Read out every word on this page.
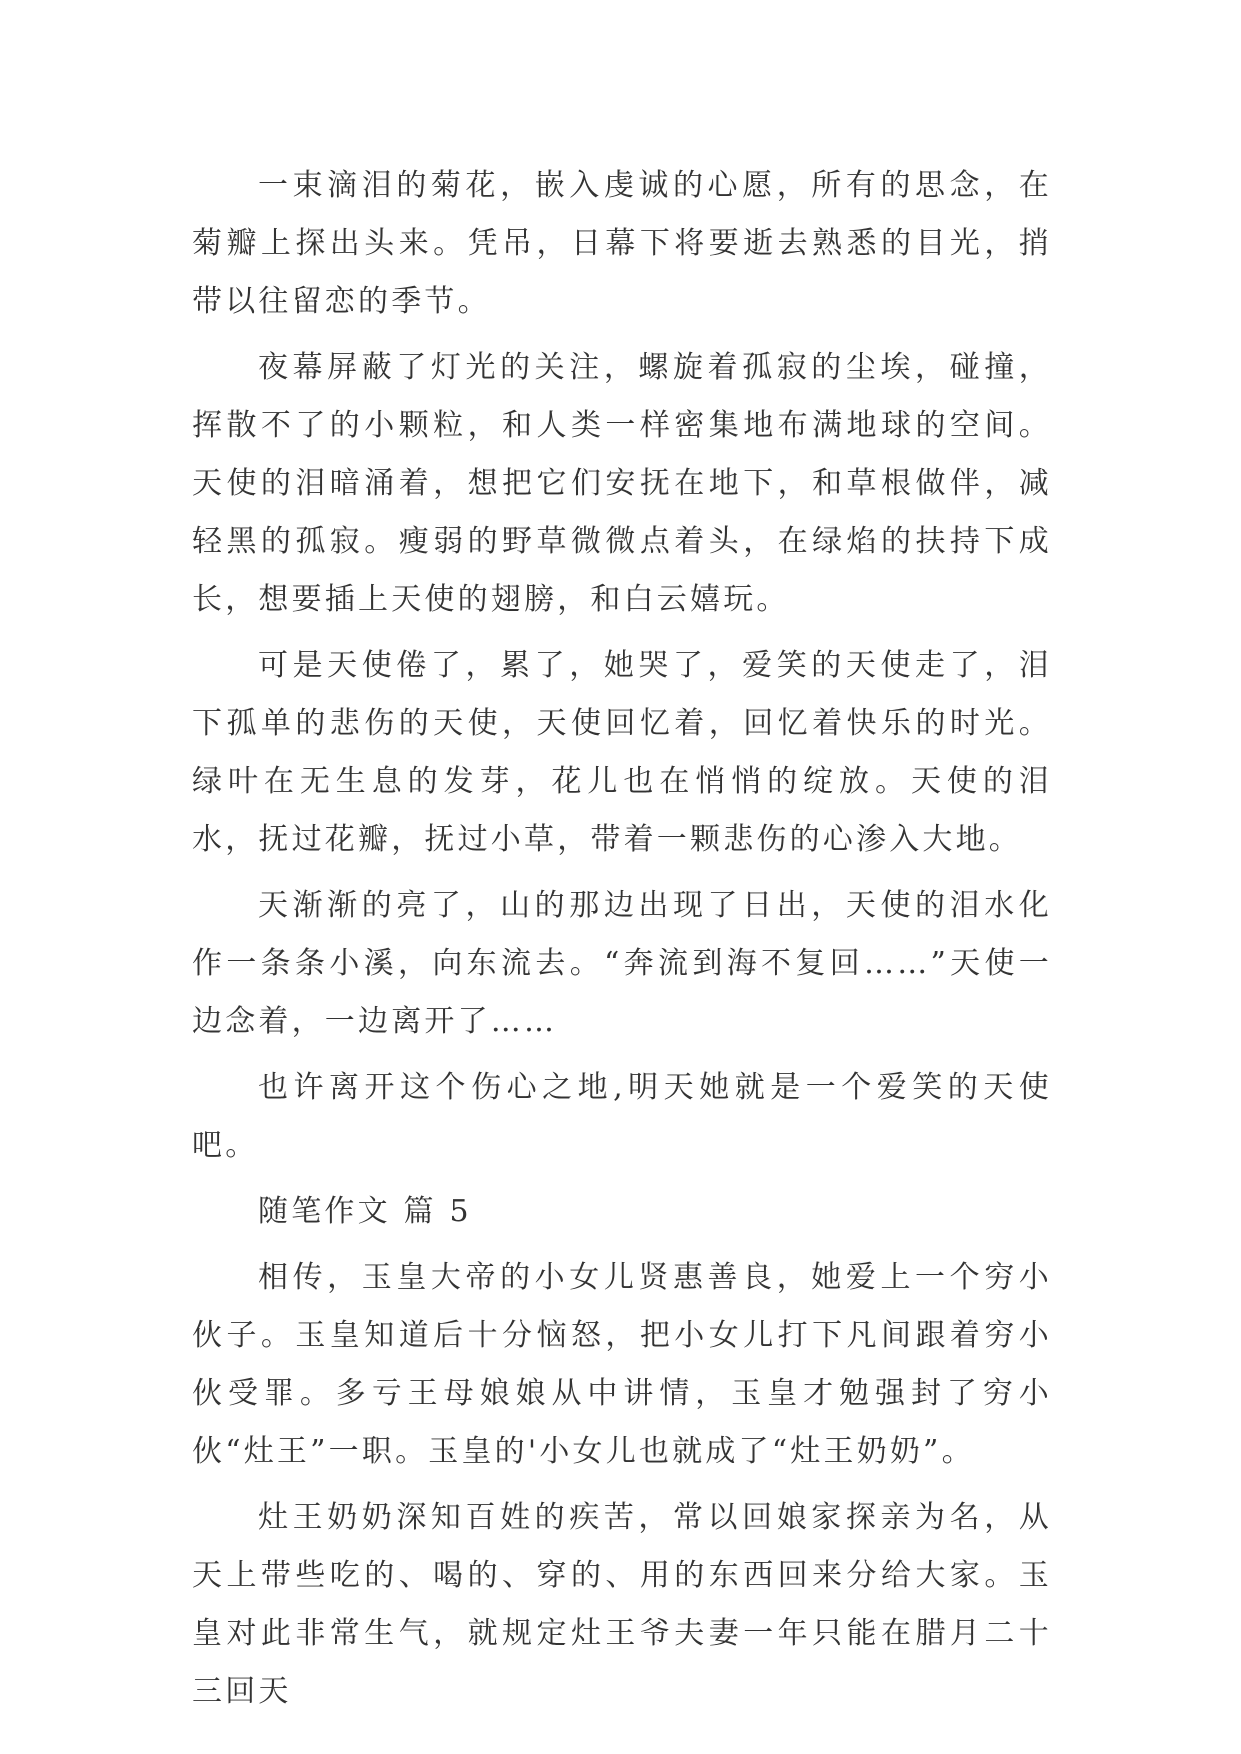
一束滴泪的菊花，嵌入虔诚的心愿，所有的思念，在菊瓣上探出头来。凭吊，日幕下将要逝去熟悉的目光，捎带以往留恋的季节。

夜幕屏蔽了灯光的关注，螺旋着孤寂的尘埃，碰撞，挥散不了的小颗粒，和人类一样密集地布满地球的空间。天使的泪暗涌着，想把它们安抚在地下，和草根做伴，减轻黑的孤寂。瘦弱的野草微微点着头，在绿焰的扶持下成长，想要插上天使的翅膀，和白云嬉玩。

可是天使倦了，累了，她哭了，爱笑的天使走了，泪下孤单的悲伤的天使，天使回忆着，回忆着快乐的时光。绿叶在无生息的发芽，花儿也在悄悄的绽放。天使的泪水，抚过花瓣，抚过小草，带着一颗悲伤的心渗入大地。

天渐渐的亮了，山的那边出现了日出，天使的泪水化作一条条小溪，向东流去。“奔流到海不复回……”天使一边念着，一边离开了……

也许离开这个伤心之地,明天她就是一个爱笑的天使吧。

随笔作文 篇 5

相传，玉皇大帝的小女儿贤惠善良，她爱上一个穷小伙子。玉皇知道后十分恼怒，把小女儿打下凡间跟着穷小伙受罪。多亏王母娘娘从中讲情，玉皇才勉强封了穷小伙“灶王”一职。玉皇的'小女儿也就成了“灶王奶奶”。

灶王奶奶深知百姓的疾苦，常以回娘家探亲为名，从天上带些吃的、喝的、穿的、用的东西回来分给大家。玉皇对此非常生气，就规定灶王爷夫妻一年只能在腊月二十三回天
